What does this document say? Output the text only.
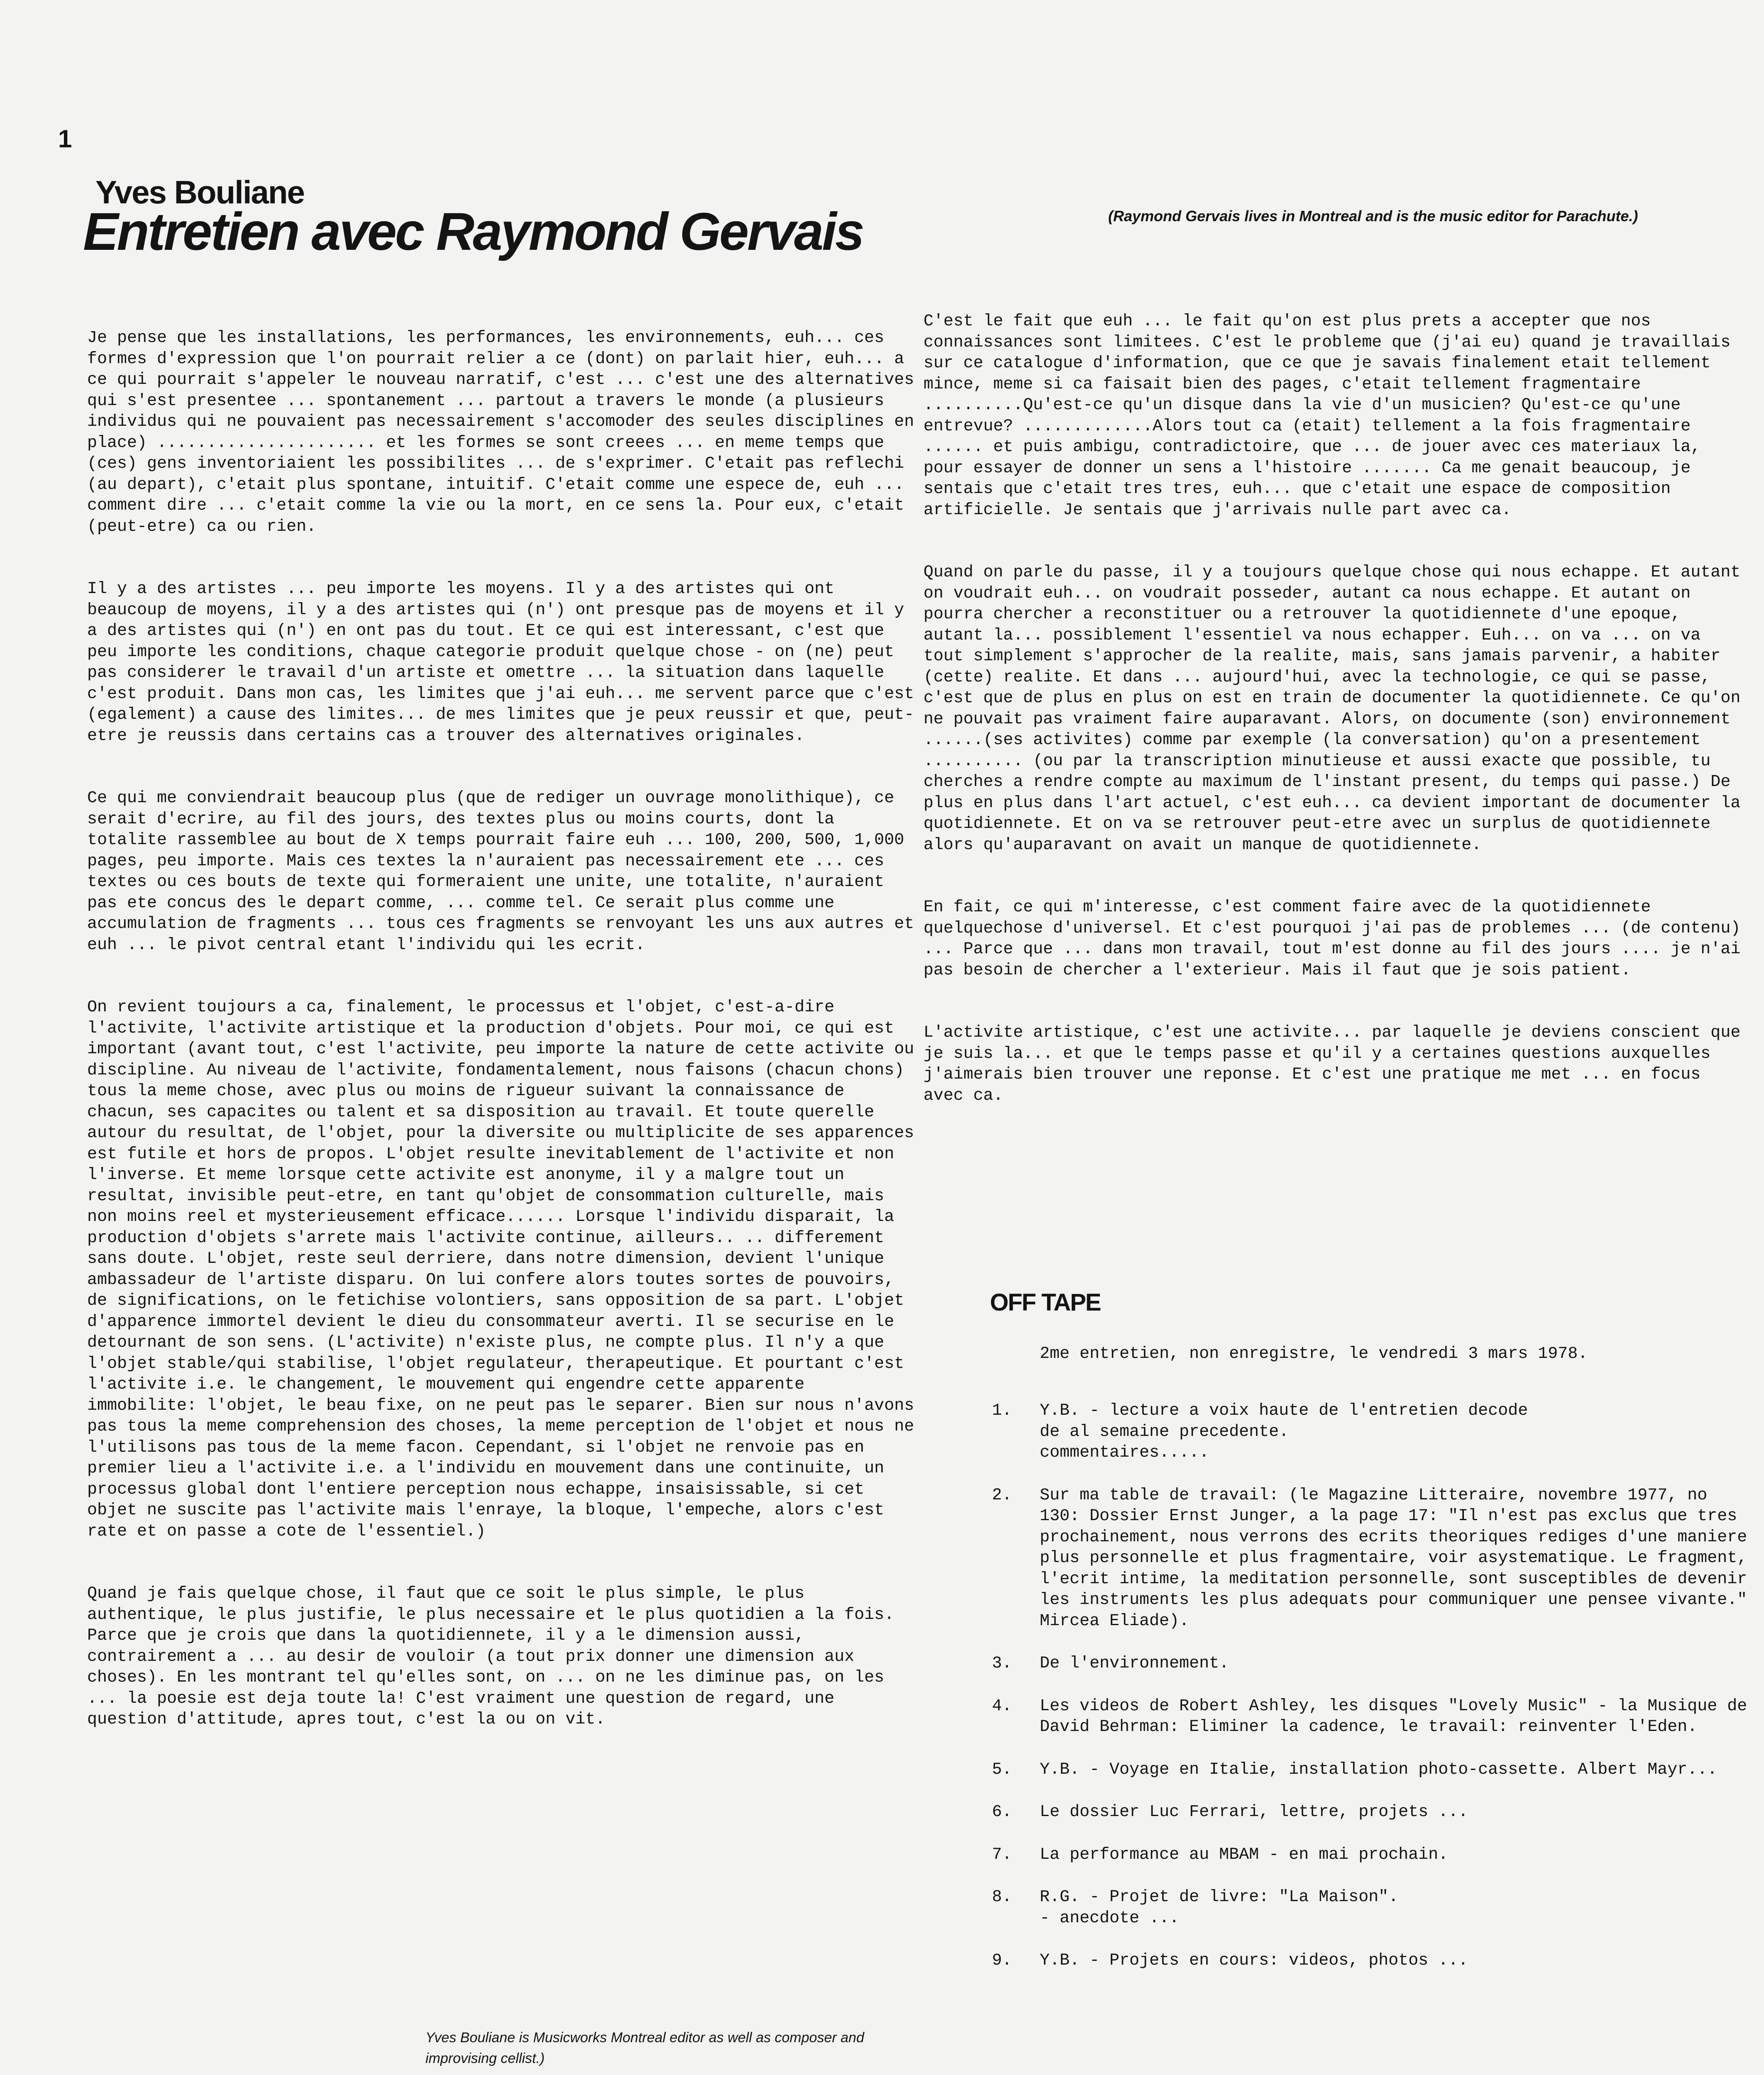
1
Yves Bouliane
Entretien avec Raymond Gervais	(Raymond Gervais lives in Montreal and is the music editor for Parachute.)

Je pense que les installations, les performances, les environnements, euh... ces formes d'expression que l'on pourrait relier a ce (dont) on parlait hier, euh... a ce qui pourrait s'appeler le nouveau narratif, c'est ... c'est une des alternatives qui s'est presentee ... spontanement ... partout a travers le monde (a plusieurs individus qui ne pouvaient pas necessairement s'accomoder des seules disciplines en place) ...................... et les formes se sont creees ... en meme temps que (ces) gens inventoriaient les possibilites ... de s'exprimer. C'etait pas reflechi (au depart), c'etait plus spontane, intuitif. C'etait comme une espece de, euh ... comment dire ... c'etait comme la vie ou la mort, en ce sens la. Pour eux, c'etait (peut-etre) ca ou rien.

Il y a des artistes ... peu importe les moyens. Il y a des artistes qui ont beaucoup de moyens, il y a des artistes qui (n') ont presque pas de moyens et il y a des artistes qui (n') en ont pas du tout. Et ce qui est interessant, c'est que peu importe les conditions, chaque categorie produit quelque chose - on (ne) peut pas considerer le travail d'un artiste et omettre ... la situation dans laquelle c'est produit. Dans mon cas, les limites que j'ai euh... me servent parce que c'est (egalement) a cause des limites... de mes limites que je peux reussir et que, peut-etre je reussis dans certains cas a trouver des alternatives originales.

Ce qui me conviendrait beaucoup plus (que de rediger un ouvrage monolithique), ce serait d'ecrire, au fil des jours, des textes plus ou moins courts, dont la totalite rassemblee au bout de X temps pourrait faire euh ... 100, 200, 500, 1,000 pages, peu importe. Mais ces textes la n'auraient pas necessairement ete ... ces textes ou ces bouts de texte qui formeraient une unite, une totalite, n'auraient pas ete concus des le depart comme, ... comme tel. Ce serait plus comme une accumulation de fragments ... tous ces fragments se renvoyant les uns aux autres et euh ... le pivot central etant l'individu qui les ecrit.

On revient toujours a ca, finalement, le processus et l'objet, c'est-a-dire l'activite, l'activite artistique et la production d'objets. Pour moi, ce qui est important (avant tout, c'est l'activite, peu importe la nature de cette activite ou discipline. Au niveau de l'activite, fondamentalement, nous faisons (chacun chons) tous la meme chose, avec plus ou moins de rigueur suivant la connaissance de chacun, ses capacites ou talent et sa disposition au travail. Et toute querelle autour du resultat, de l'objet, pour la diversite ou multiplicite de ses apparences est futile et hors de propos. L'objet resulte inevitablement de l'activite et non l'inverse. Et meme lorsque cette activite est anonyme, il y a malgre tout un resultat, invisible peut-etre, en tant qu'objet de consommation culturelle, mais non moins reel et mysterieusement efficace...... Lorsque l'individu disparait, la production d'objets s'arrete mais l'activite continue, ailleurs.. .. differement sans doute. L'objet, reste seul derriere, dans notre dimension, devient l'unique ambassadeur de l'artiste disparu. On lui confere alors toutes sortes de pouvoirs, de significations, on le fetichise volontiers, sans opposition de sa part. L'objet d'apparence immortel devient le dieu du consommateur averti. Il se securise en le detournant de son sens. (L'activite) n'existe plus, ne compte plus. Il n'y a que l'objet stable/qui stabilise, l'objet regulateur, therapeutique. Et pourtant c'est l'activite i.e. le changement, le mouvement qui engendre cette apparente immobilite: l'objet, le beau fixe, on ne peut pas le separer. Bien sur nous n'avons pas tous la meme comprehension des choses, la meme perception de l'objet et nous ne l'utilisons pas tous de la meme facon. Cependant, si l'objet ne renvoie pas en premier lieu a l'activite i.e. a l'individu en mouvement dans une continuite, un processus global dont l'entiere perception nous echappe, insaisissable, si cet objet ne suscite pas l'activite mais l'enraye, la bloque, l'empeche, alors c'est rate et on passe a cote de l'essentiel.)

Quand je fais quelque chose, il faut que ce soit le plus simple, le plus authentique, le plus justifie, le plus necessaire et le plus quotidien a la fois. Parce que je crois que dans la quotidiennete, il y a le dimension aussi, contrairement a ... au desir de vouloir (a tout prix donner une dimension aux choses). En les montrant tel qu'elles sont, on ... on ne les diminue pas, on les ... la poesie est deja toute la! C'est vraiment une question de regard, une question d'attitude, apres tout, c'est la ou on vit.

C'est le fait que euh ... le fait qu'on est plus prets a accepter que nos connaissances sont limitees. C'est le probleme que (j'ai eu) quand je travaillais sur ce catalogue d'information, que ce que je savais finalement etait tellement mince, meme si ca faisait bien des pages, c'etait tellement fragmentaire ..........Qu'est-ce qu'un disque dans la vie d'un musicien? Qu'est-ce qu'une entrevue? .............Alors tout ca (etait) tellement a la fois fragmentaire ...... et puis ambigu, contradictoire, que ... de jouer avec ces materiaux la, pour essayer de donner un sens a l'histoire ....... Ca me genait beaucoup, je sentais que c'etait tres tres, euh... que c'etait une espace de composition artificielle. Je sentais que j'arrivais nulle part avec ca.

Quand on parle du passe, il y a toujours quelque chose qui nous echappe. Et autant on voudrait euh... on voudrait posseder, autant ca nous echappe. Et autant on pourra chercher a reconstituer ou a retrouver la quotidiennete d'une epoque, autant la... possiblement l'essentiel va nous echapper. Euh... on va ... on va tout simplement s'approcher de la realite, mais, sans jamais parvenir, a habiter (cette) realite. Et dans ... aujourd'hui, avec la technologie, ce qui se passe, c'est que de plus en plus on est en train de documenter la quotidiennete. Ce qu'on ne pouvait pas vraiment faire auparavant. Alors, on documente (son) environnement ......(ses activites) comme par exemple (la conversation) qu'on a presentement .......... (ou par la transcription minutieuse et aussi exacte que possible, tu cherches a rendre compte au maximum de l'instant present, du temps qui passe.) De plus en plus dans l'art actuel, c'est euh... ca devient important de documenter la quotidiennete. Et on va se retrouver peut-etre avec un surplus de quotidiennete alors qu'auparavant on avait un manque de quotidiennete.

En fait, ce qui m'interesse, c'est comment faire avec de la quotidiennete quelquechose d'universel. Et c'est pourquoi j'ai pas de problemes ... (de contenu) ... Parce que ... dans mon travail, tout m'est donne au fil des jours .... je n'ai pas besoin de chercher a l'exterieur. Mais il faut que je sois patient.

L'activite artistique, c'est une activite... par laquelle je deviens conscient que je suis la... et que le temps passe et qu'il y a certaines questions auxquelles j'aimerais bien trouver une reponse. Et c'est une pratique me met ... en focus avec ca.

OFF TAPE
2me entretien, non enregistre, le vendredi 3 mars 1978.
1.	Y.B. - lecture a voix haute de l'entretien decode
de al semaine precedente.
commentaires.....
2.	Sur ma table de travail: (le Magazine Litteraire, novembre 1977, no 130: Dossier Ernst Junger, a la page 17: "Il n'est pas exclus que tres prochainement, nous verrons des ecrits theoriques rediges d'une maniere plus personnelle et plus fragmentaire, voir asystematique. Le fragment, l'ecrit intime, la meditation personnelle, sont susceptibles de devenir les instruments les plus adequats pour communiquer une pensee vivante."
Mircea Eliade).
3.	De l'environnement.
4.	Les videos de Robert Ashley, les disques "Lovely Music" - la Musique de David Behrman: Eliminer la cadence, le travail: reinventer l'Eden.
5.	Y.B. - Voyage en Italie, installation photo-cassette. Albert Mayr...
6.	Le dossier Luc Ferrari, lettre, projets ...
7.	La performance au MBAM - en mai prochain.
8.	R.G. - Projet de livre: "La Maison".
- anecdote ...
9.	Y.B. - Projets en cours: videos, photos ...
Yves Bouliane is Musicworks Montreal editor as well as composer and improvising cellist.)
